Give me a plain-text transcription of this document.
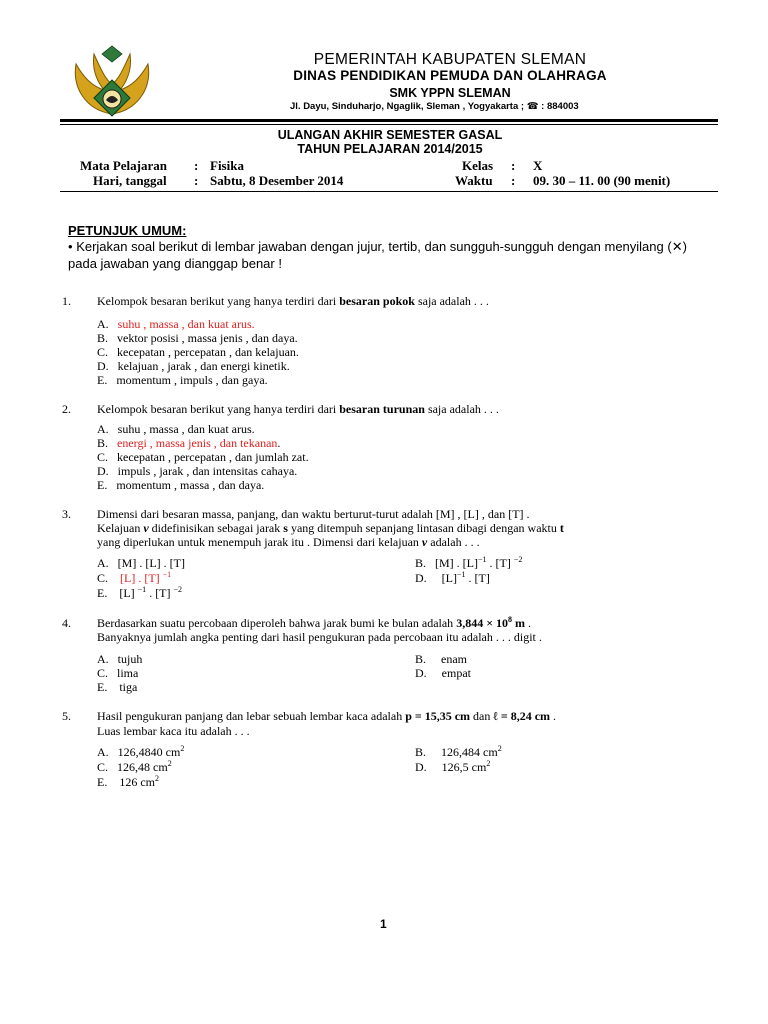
PEMERINTAH KABUPATEN SLEMAN
DINAS PENDIDIKAN PEMUDA DAN OLAHRAGA
SMK YPPN SLEMAN
Jl. Dayu, Sinduharjo, Ngaglik, Sleman , Yogyakarta ; ☎ : 884003
ULANGAN AKHIR SEMESTER GASAL
TAHUN PELAJARAN 2014/2015
Mata Pelajaran : Fisika
Hari, tanggal : Sabtu, 8 Desember 2014
Kelas : X
Waktu : 09. 30 – 11. 00 (90 menit)
PETUNJUK UMUM:
• Kerjakan soal berikut di lembar jawaban dengan jujur, tertib, dan sungguh-sungguh dengan menyilang (✕) pada jawaban yang dianggap benar !
1. Kelompok besaran berikut yang hanya terdiri dari besaran pokok saja adalah . . .
A. suhu , massa , dan kuat arus.
B. vektor posisi , massa jenis , dan daya.
C. kecepatan , percepatan , dan kelajuan.
D. kelajuan , jarak , dan energi kinetik.
E. momentum , impuls , dan gaya.
2. Kelompok besaran berikut yang hanya terdiri dari besaran turunan saja adalah . . .
A. suhu , massa , dan kuat arus.
B. energi , massa jenis , dan tekanan.
C. kecepatan , percepatan , dan jumlah zat.
D. impuls , jarak , dan intensitas cahaya.
E. momentum , massa , dan daya.
3. Dimensi dari besaran massa, panjang, dan waktu berturut-turut adalah [M] , [L] , dan [T] .
Kelajuan v didefinisikan sebagai jarak s yang ditempuh sepanjang lintasan dibagi dengan waktu t
yang diperlukan untuk menempuh jarak itu . Dimensi dari kelajuan v adalah . . .
A. [M] . [L] . [T]
C. [L] . [T] $^{-1}$
E. [L] $^{-1}$ . [T] $^{-2}$
B. [M] . $[L]^{-1}$ . [T] $^{-2}$
D. $[L]^{-1}$ . [T]
4. Berdasarkan suatu percobaan diperoleh bahwa jarak bumi ke bulan adalah $3,844 \times 10^8$ m .
Banyaknya jumlah angka penting dari hasil pengukuran pada percobaan itu adalah . . . digit .
A. tujuh
C. lima
E. tiga
B. enam
D. empat
5. Hasil pengukuran panjang dan lebar sebuah lembar kaca adalah p = 15,35 cm dan ℓ = 8,24 cm .
Luas lembar kaca itu adalah . . .
A. 126,4840 $cm^2$
C. 126,48 $cm^2$
E. 126 $cm^2$
B. 126,484 $cm^2$
D. 126,5 $cm^2$
1
